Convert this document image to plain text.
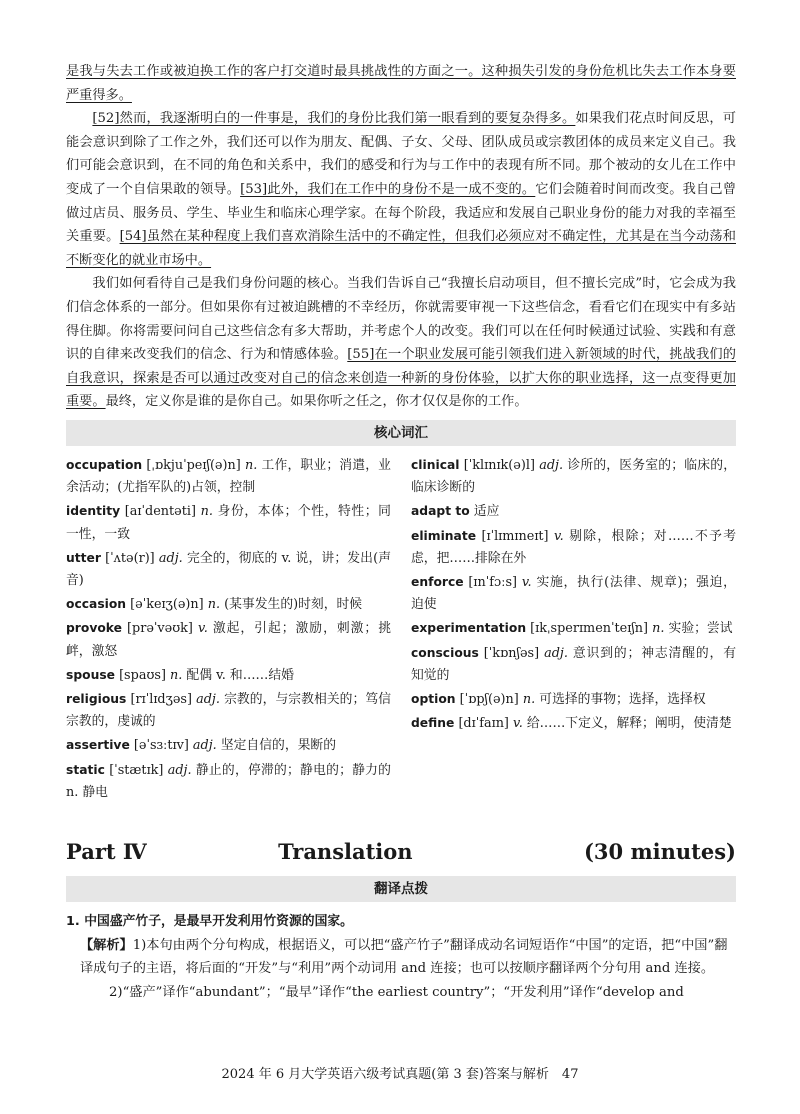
是我与失去工作或被迫换工作的客户打交道时最具挑战性的方面之一。这种损失引发的身份危机比失去工作本身要严重得多。

[52]然而，我逐渐明白的一件事是，我们的身份比我们第一眼看到的要复杂得多。如果我们花点时间反思，可能会意识到除了工作之外，我们还可以作为朋友、配偶、子女、父母、团队成员或宗教团体的成员来定义自己。我们可能会意识到，在不同的角色和关系中，我们的感受和行为与工作中的表现有所不同。那个被动的女儿在工作中变成了一个自信果敢的领导。[53]此外，我们在工作中的身份不是一成不变的。它们会随着时间而改变。我自己曾做过店员、服务员、学生、毕业生和临床心理学家。在每个阶段，我适应和发展自己职业身份的能力对我的幸福至关重要。[54]虽然在某种程度上我们喜欢消除生活中的不确定性，但我们必须应对不确定性，尤其是在当今动荡和不断变化的就业市场中。

我们如何看待自己是我们身份问题的核心。当我们告诉自己“我擅长启动项目，但不擅长完成”时，它会成为我们信念体系的一部分。但如果你有过被迫跳槽的不幸经历，你就需要审视一下这些信念，看看它们在现实中有多站得住脚。你将需要问问自己这些信念有多大帮助，并考虑个人的改变。我们可以在任何时候通过试验、实践和有意识的自律来改变我们的信念、行为和情感体验。[55]在一个职业发展可能引领我们进入新领域的时代，挑战我们的自我意识，探索是否可以通过改变对自己的信念来创造一种新的身份体验，以扩大你的职业选择，这一点变得更加重要。最终，定义你是谁的是你自己。如果你听之任之，你才仅仅是你的工作。

核心词汇

occupation [ˌɒkjuˈpeɪʃ(ə)n] n. 工作，职业；消遣，业余活动；(尤指军队的)占领，控制

identity [aɪˈdentəti] n. 身份，本体；个性，特性；同一性，一致

utter [ˈʌtə(r)] adj. 完全的，彻底的 v. 说，讲；发出(声音)

occasion [əˈkeɪʒ(ə)n] n. (某事发生的)时刻，时候

provoke [prəˈvəʊk] v. 激起，引起；激励，刺激；挑衅，激怒

spouse [spaʊs] n. 配偶 v. 和……结婚

religious [rɪˈlɪdʒəs] adj. 宗教的，与宗教相关的；笃信宗教的，虔诚的

assertive [əˈsɜːtɪv] adj. 坚定自信的，果断的

static [ˈstætɪk] adj. 静止的，停滞的；静电的；静力的 n. 静电

clinical [ˈklɪnɪk(ə)l] adj. 诊所的，医务室的；临床的，临床诊断的

adapt to 适应

eliminate [ɪˈlɪmɪneɪt] v. 剔除，根除；对……不予考虑，把……排除在外

enforce [ɪnˈfɔːs] v. 实施，执行(法律、规章)；强迫，迫使

experimentation [ɪkˌsperɪmenˈteɪʃn] n. 实验；尝试

conscious [ˈkɒnʃəs] adj. 意识到的；神志清醒的，有知觉的

option [ˈɒpʃ(ə)n] n. 可选择的事物；选择，选择权

define [dɪˈfaɪn] v. 给……下定义，解释；阐明，使清楚

Part Ⅳ	Translation	(30 minutes)
翻译点拨

1. 中国盛产竹子，是最早开发利用竹资源的国家。

【解析】1)本句由两个分句构成，根据语义，可以把“盛产竹子”翻译成动名词短语作“中国”的定语，把“中国”翻译成句子的主语，将后面的“开发”与“利用”两个动词用 and 连接；也可以按顺序翻译两个分句用 and 连接。

2)“盛产”译作“abundant”；“最早”译作“the earliest country”；“开发利用”译作“develop and

2024 年 6 月大学英语六级考试真题(第 3 套)答案与解析　47
